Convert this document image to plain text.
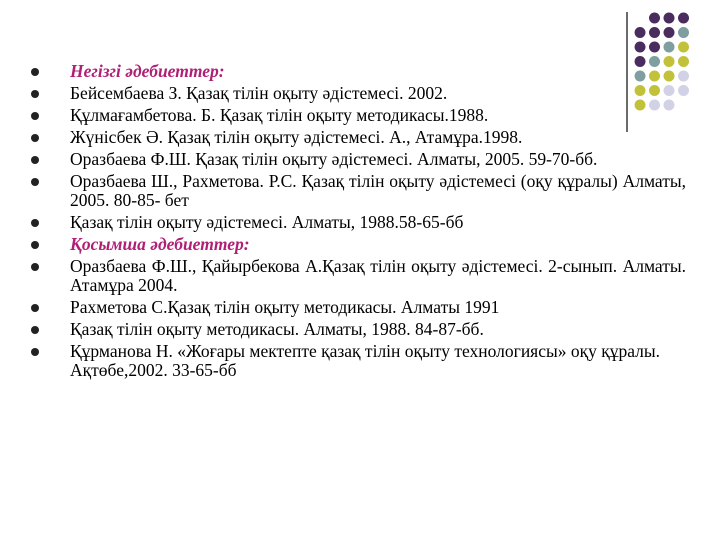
Негізгі әдебиеттер:
Бейсембаева З. Қазақ тілін оқыту әдістемесі. 2002.
Құлмағамбетова. Б. Қазақ тілін оқыту методикасы.1988.
Жүнісбек Ә. Қазақ тілін оқыту әдістемесі. А., Атамұра.1998.
Оразбаева Ф.Ш. Қазақ тілін оқыту әдістемесі. Алматы, 2005. 59-70-бб.
Оразбаева Ш., Рахметова. Р.С. Қазақ тілін оқыту әдістемесі (оқу құралы) Алматы, 2005. 80-85- бет
Қазақ тілін оқыту әдістемесі. Алматы, 1988.58-65-бб
Қосымша әдебиеттер:
Оразбаева Ф.Ш., Қайырбекова А.Қазақ тілін оқыту әдістемесі. 2-сынып. Алматы. Атамұра 2004.
Рахметова С.Қазақ тілін оқыту методикасы. Алматы 1991
Қазақ тілін оқыту методикасы. Алматы, 1988. 84-87-бб.
Құрманова Н. «Жоғары мектепте қазақ тілін оқыту технологиясы» оқу құралы. Ақтөбе,2002. 33-65-бб
